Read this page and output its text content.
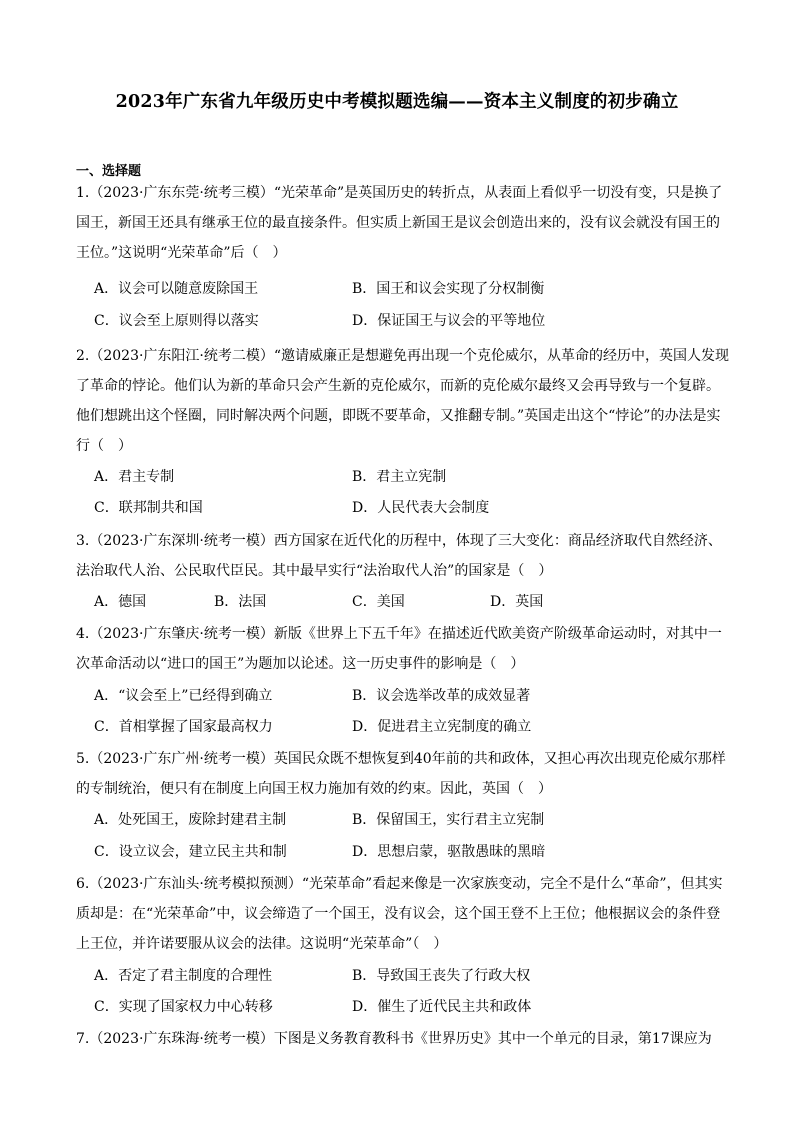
2023年广东省九年级历史中考模拟题选编——资本主义制度的初步确立
一、选择题
1.（2023·广东东莞·统考三模）“光荣革命”是英国历史的转折点，从表面上看似乎一切没有变，只是换了
国王，新国王还具有继承王位的最直接条件。但实质上新国王是议会创造出来的，没有议会就没有国王的
王位。”这说明“光荣革命”后（　）
A．议会可以随意废除国王	B．国王和议会实现了分权制衡
C．议会至上原则得以落实	D．保证国王与议会的平等地位
2.（2023·广东阳江·统考二模）“邀请威廉正是想避免再出现一个克伦威尔，从革命的经历中，英国人发现
了革命的悖论。他们认为新的革命只会产生新的克伦威尔，而新的克伦威尔最终又会再导致与一个复辟。
他们想跳出这个怪圈，同时解决两个问题，即既不要革命，又推翻专制。”英国走出这个“悖论”的办法是实
行（　）
A．君主专制	B．君主立宪制
C．联邦制共和国	D．人民代表大会制度
3.（2023·广东深圳·统考一模）西方国家在近代化的历程中，体现了三大变化：商品经济取代自然经济、
法治取代人治、公民取代臣民。其中最早实行“法治取代人治”的国家是（　）
A．德国	B．法国	C．美国	D．英国
4.（2023·广东肇庆·统考一模）新版《世界上下五千年》在描述近代欧美资产阶级革命运动时，对其中一
次革命活动以“进口的国王”为题加以论述。这一历史事件的影响是（　）
A．“议会至上”已经得到确立	B．议会选举改革的成效显著
C．首相掌握了国家最高权力	D．促进君主立宪制度的确立
5.（2023·广东广州·统考一模）英国民众既不想恢复到40年前的共和政体，又担心再次出现克伦威尔那样
的专制统治，便只有在制度上向国王权力施加有效的约束。因此，英国（　）
A．处死国王，废除封建君主制	B．保留国王，实行君主立宪制
C．设立议会，建立民主共和制	D．思想启蒙，驱散愚昧的黑暗
6.（2023·广东汕头·统考模拟预测）“光荣革命”看起来像是一次家族变动，完全不是什么“革命”，但其实
质却是：在“光荣革命”中，议会缔造了一个国王，没有议会，这个国王登不上王位；他根据议会的条件登
上王位，并许诺要服从议会的法律。这说明“光荣革命”（　）
A．否定了君主制度的合理性	B．导致国王丧失了行政大权
C．实现了国家权力中心转移	D．催生了近代民主共和政体
7.（2023·广东珠海·统考一模）下图是义务教育教科书《世界历史》其中一个单元的目录，第17课应为
